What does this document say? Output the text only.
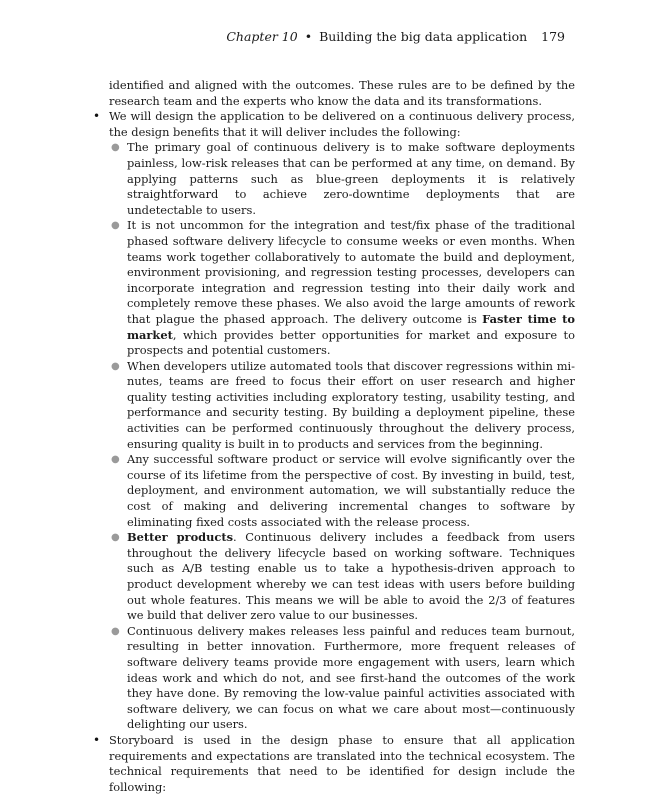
Chapter 10 • Building the big data application 179

identified and aligned with the outcomes. These rules are to be defined by the research team and the experts who know the data and its transformations.

• We will design the application to be delivered on a continuous delivery process, the design benefits that it will deliver includes the following:

● The primary goal of continuous delivery is to make software deployments painless, low-risk releases that can be performed at any time, on demand. By applying patterns such as blue-green deployments it is relatively straightforward to achieve zero-downtime deployments that are undetectable to users.

● It is not uncommon for the integration and test/fix phase of the traditional phased software delivery lifecycle to consume weeks or even months. When teams work together collaboratively to automate the build and deployment, environment provisioning, and regression testing processes, developers can incorporate integration and regression testing into their daily work and completely remove these phases. We also avoid the large amounts of rework that plague the phased approach. The delivery outcome is Faster time to market, which provides better opportunities for market and exposure to prospects and potential customers.

● When developers utilize automated tools that discover regressions within minutes, teams are freed to focus their effort on user research and higher quality testing activities including exploratory testing, usability testing, and performance and security testing. By building a deployment pipeline, these activities can be performed continuously throughout the delivery process, ensuring quality is built in to products and services from the beginning.

● Any successful software product or service will evolve significantly over the course of its lifetime from the perspective of cost. By investing in build, test, deployment, and environment automation, we will substantially reduce the cost of making and delivering incremental changes to software by eliminating fixed costs associated with the release process.

● Better products. Continuous delivery includes a feedback from users throughout the delivery lifecycle based on working software. Techniques such as A/B testing enable us to take a hypothesis-driven approach to product development whereby we can test ideas with users before building out whole features. This means we will be able to avoid the 2/3 of features we build that deliver zero value to our businesses.

● Continuous delivery makes releases less painful and reduces team burnout, resulting in better innovation. Furthermore, more frequent releases of software delivery teams provide more engagement with users, learn which ideas work and which do not, and see first-hand the outcomes of the work they have done. By removing the low-value painful activities associated with software delivery, we can focus on what we care about most—continuously delighting our users.

• Storyboard is used in the design phase to ensure that all application requirements and expectations are translated into the technical ecosystem. The technical requirements that need to be identified for design include the following:
